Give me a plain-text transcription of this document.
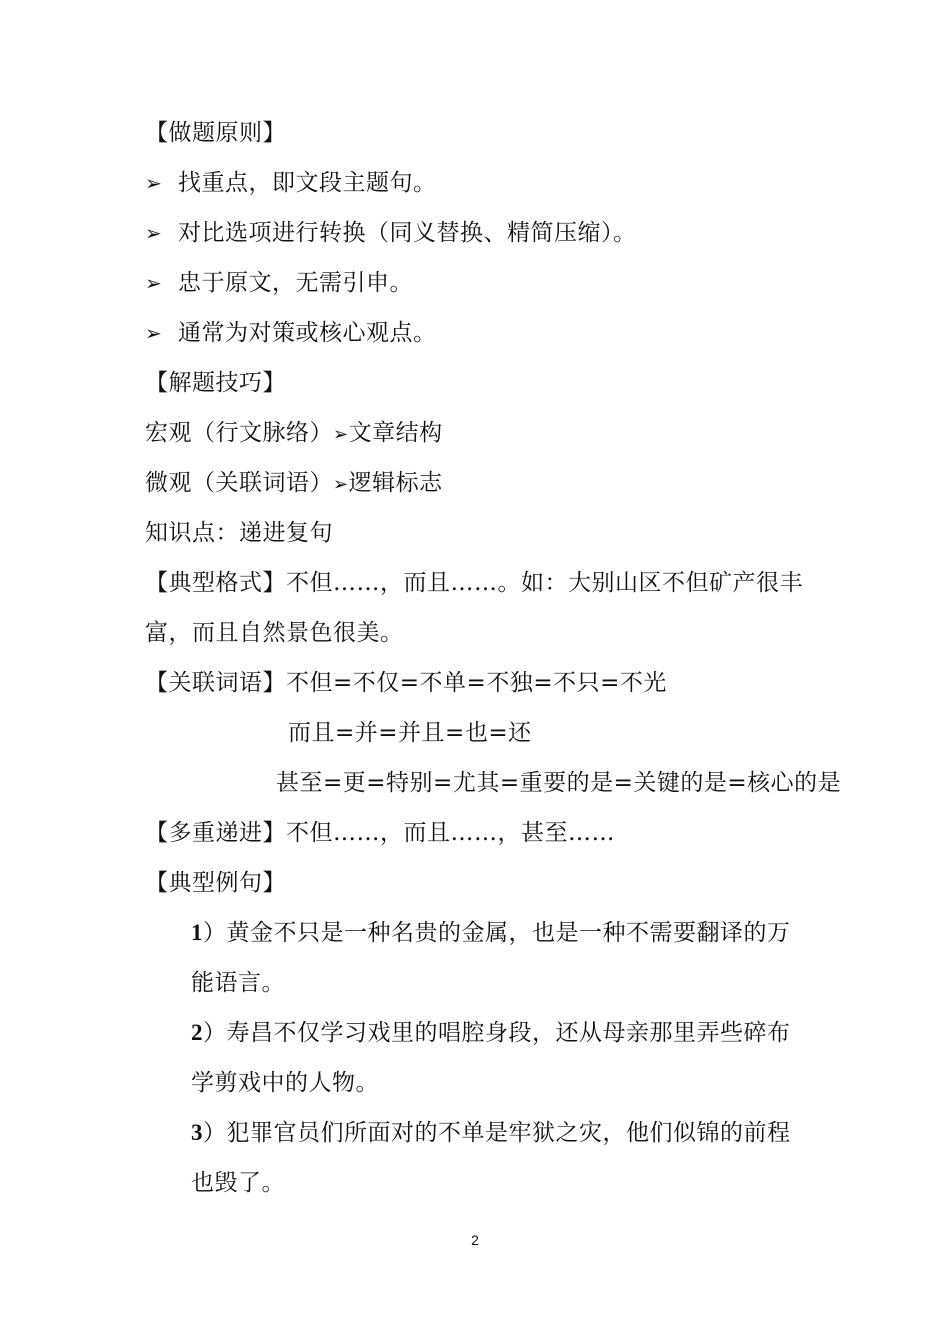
【做题原则】
➢ 找重点，即文段主题句。
➢ 对比选项进行转换（同义替换、精简压缩）。
➢ 忠于原文，无需引申。
➢ 通常为对策或核心观点。
【解题技巧】
宏观（行文脉络）➢文章结构
微观（关联词语）➢逻辑标志
知识点：递进复句
【典型格式】不但……，而且……。如：大别山区不但矿产很丰
富，而且自然景色很美。
【关联词语】不但=不仅=不单=不独=不只=不光
而且=并=并且=也=还
甚至=更=特别=尤其=重要的是=关键的是=核心的是
【多重递进】不但……，而且……，甚至……
【典型例句】
1）黄金不只是一种名贵的金属，也是一种不需要翻译的万
能语言。
2）寿昌不仅学习戏里的唱腔身段，还从母亲那里弄些碎布
学剪戏中的人物。
3）犯罪官员们所面对的不单是牢狱之灾，他们似锦的前程
也毁了。
2
